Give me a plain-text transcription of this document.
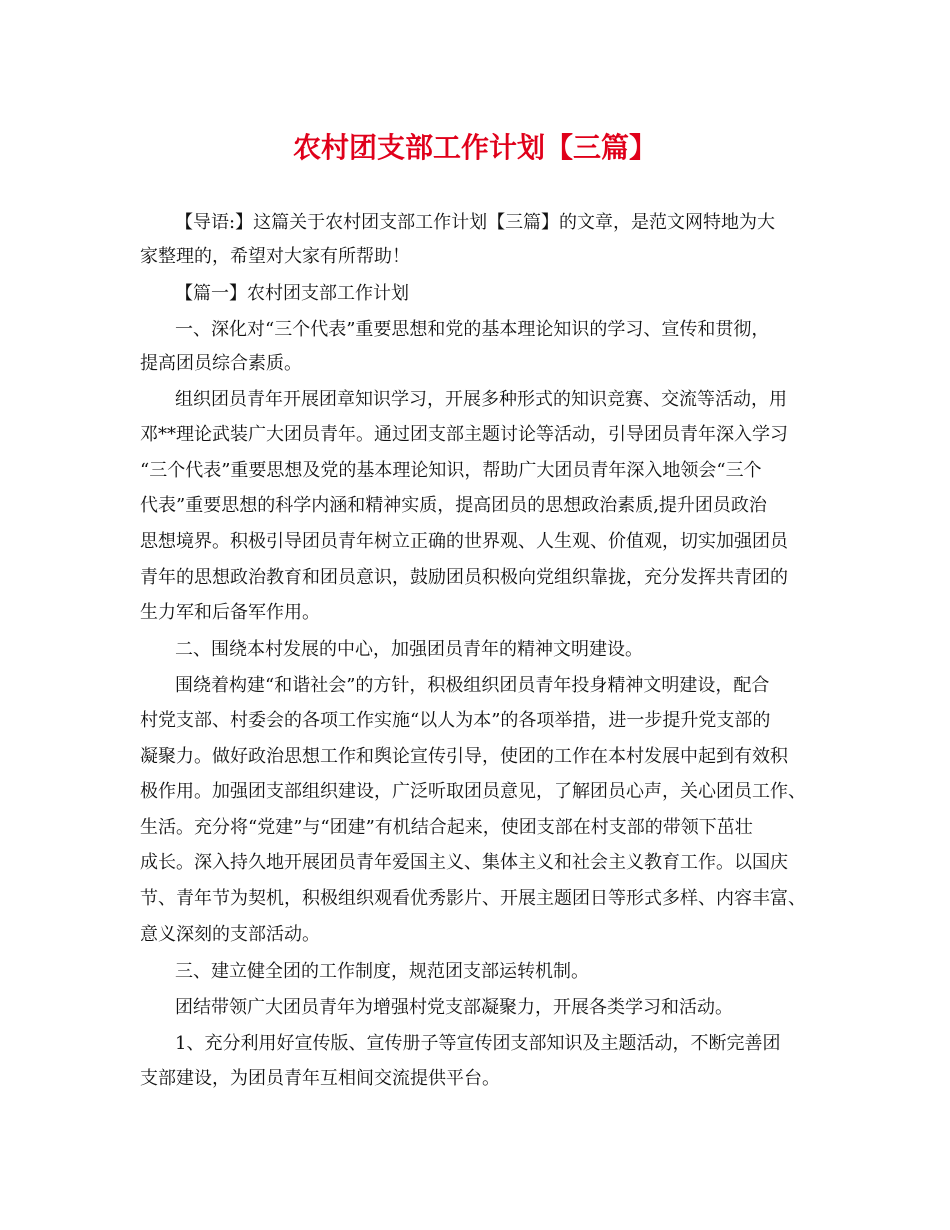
农村团支部工作计划【三篇】

【导语:】这篇关于农村团支部工作计划【三篇】的文章，是范文网特地为大

家整理的，希望对大家有所帮助！

【篇一】农村团支部工作计划

一、深化对“三个代表”重要思想和党的基本理论知识的学习、宣传和贯彻，

提高团员综合素质。

组织团员青年开展团章知识学习，开展多种形式的知识竞赛、交流等活动，用

邓**理论武装广大团员青年。通过团支部主题讨论等活动，引导团员青年深入学习

“三个代表”重要思想及党的基本理论知识，帮助广大团员青年深入地领会“三个

代表”重要思想的科学内涵和精神实质，提高团员的思想政治素质,提升团员政治

思想境界。积极引导团员青年树立正确的世界观、人生观、价值观，切实加强团员

青年的思想政治教育和团员意识，鼓励团员积极向党组织靠拢，充分发挥共青团的

生力军和后备军作用。

二、围绕本村发展的中心，加强团员青年的精神文明建设。

围绕着构建“和谐社会”的方针，积极组织团员青年投身精神文明建设，配合

村党支部、村委会的各项工作实施“以人为本”的各项举措，进一步提升党支部的

凝聚力。做好政治思想工作和舆论宣传引导，使团的工作在本村发展中起到有效积

极作用。加强团支部组织建设，广泛听取团员意见，了解团员心声，关心团员工作、

生活。充分将“党建”与“团建”有机结合起来，使团支部在村支部的带领下茁壮

成长。深入持久地开展团员青年爱国主义、集体主义和社会主义教育工作。以国庆

节、青年节为契机，积极组织观看优秀影片、开展主题团日等形式多样、内容丰富、

意义深刻的支部活动。

三、建立健全团的工作制度，规范团支部运转机制。

团结带领广大团员青年为增强村党支部凝聚力，开展各类学习和活动。

1、充分利用好宣传版、宣传册子等宣传团支部知识及主题活动，不断完善团

支部建设，为团员青年互相间交流提供平台。
